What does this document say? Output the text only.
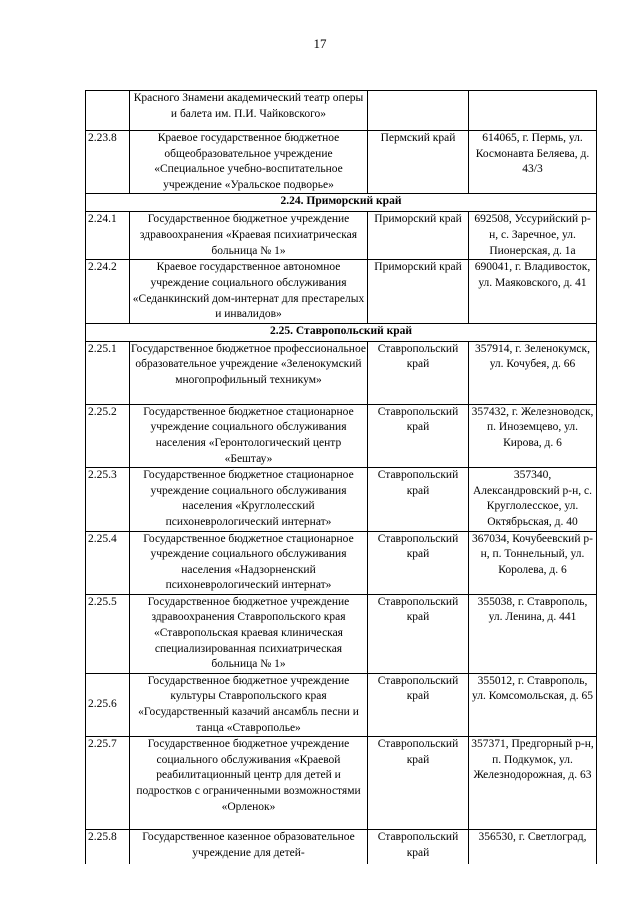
17
	Красного Знамени академический театр оперы и балета им. П.И. Чайковского»		
2.23.8	Краевое государственное бюджетное общеобразовательное учреждение «Специальное учебно-воспитательное учреждение «Уральское подворье»	Пермский край	614065, г. Пермь, ул. Космонавта Беляева, д. 43/3
2.24. Приморский край			
2.24.1	Государственное бюджетное учреждение здравоохранения «Краевая психиатрическая больница № 1»	Приморский край	692508, Уссурийский р-н, с. Заречное, ул. Пионерская, д. 1а
2.24.2	Краевое государственное автономное учреждение социального обслуживания «Седанкинский дом-интернат для престарелых и инвалидов»	Приморский край	690041, г. Владивосток, ул. Маяковского, д. 41
2.25. Ставропольский край			
2.25.1	Государственное бюджетное профессиональное образовательное учреждение «Зеленокумский многопрофильный техникум»	Ставропольский край	357914, г. Зеленокумск, ул. Кочубея, д. 66
2.25.2	Государственное бюджетное стационарное учреждение социального обслуживания населения «Геронтологический центр «Бештау»	Ставропольский край	357432, г. Железноводск, п. Иноземцево, ул. Кирова, д. 6
2.25.3	Государственное бюджетное стационарное учреждение социального обслуживания населения «Круглолесский психоневрологический интернат»	Ставропольский край	357340, Александровский р-н, с. Круглолесское, ул. Октябрьская, д. 40
2.25.4	Государственное бюджетное стационарное учреждение социального обслуживания населения «Надзорненский психоневрологический интернат»	Ставропольский край	367034, Кочубеевский р-н, п. Тоннельный, ул. Королева, д. 6
2.25.5	Государственное бюджетное учреждение здравоохранения Ставропольского края «Ставропольская краевая клиническая специализированная психиатрическая больница № 1»	Ставропольский край	355038, г. Ставрополь, ул. Ленина, д. 441
2.25.6	Государственное бюджетное учреждение культуры Ставропольского края «Государственный казачий ансамбль песни и танца «Ставрополье»	Ставропольский край	355012, г. Ставрополь, ул. Комсомольская, д. 65
2.25.7	Государственное бюджетное учреждение социального обслуживания «Краевой реабилитационный центр для детей и подростков с ограниченными возможностями «Орленок»	Ставропольский край	357371, Предгорный р-н, п. Подкумок, ул. Железнодорожная, д. 63
2.25.8	Государственное казенное образовательное учреждение для детей-	Ставропольский край	356530, г. Светлоград,
